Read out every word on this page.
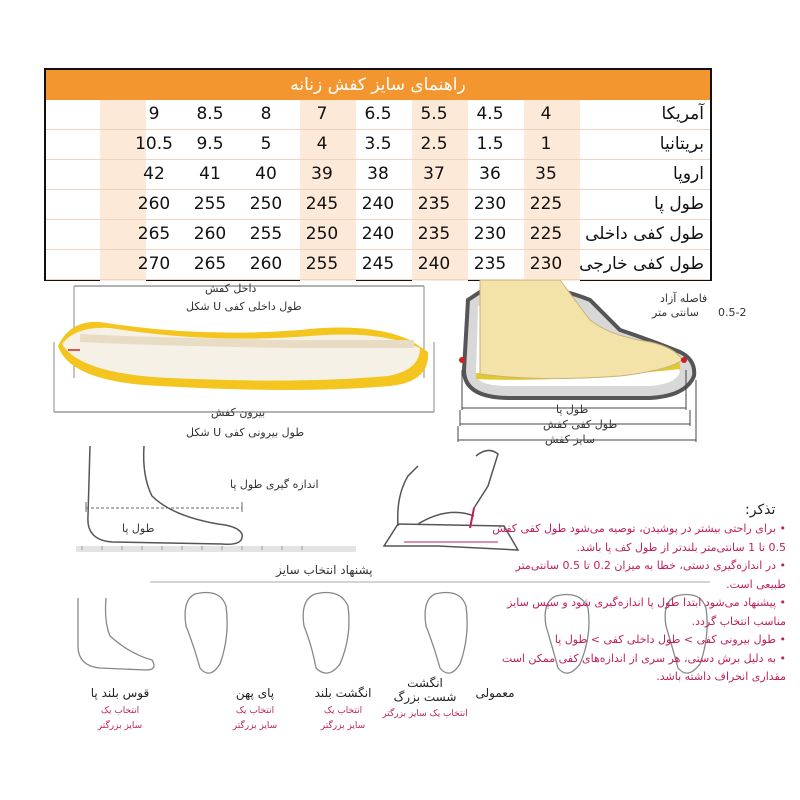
راهنمای سایز کفش زنانه
آمریکا
4
4.5
5.5
6.5
7
8
8.5
9
بریتانیا
1
1.5
2.5
3.5
4
5
9.5
10.5
اروپا
35
36
37
38
39
40
41
42
طول پا
225
230
235
240
245
250
255
260
طول کفی داخلی
225
230
235
240
250
255
260
265
طول کفی خارجی
230
235
240
245
255
260
265
270
داخل کفش
طول داخلی کفی U شکل
بیرون کفش
طول بیرونی کفی U شکل
فاصله آزاد
0.5-2
سانتی متر
طول پا
طول کفی کفش
سایز کفش
اندازه گیری طول پا
طول پا
پشنهاد انتخاب سایز
قوس بلند پا
انتخاب یک
سایز بزرگتر
پای پهن
انتخاب یک
سایز بزرگتر
انگشت بلند
انتخاب یک
سایز بزرگتر
انگشت
شست بزرگ
انتخاب یک سایز بزرگتر
معمولی
تذکر:
• برای راحتی بیشتر در پوشیدن، توصیه می‌شود طول کفی کفش 0.5 تا 1 سانتی‌متر بلندتر از طول کف پا باشد.
• در اندازه‌گیری دستی، خطا به میزان 0.2 تا 0.5 سانتی‌متر طبیعی است.
• پیشنهاد می‌شود ابتدا طول پا اندازه‌گیری شود و سپس سایز مناسب انتخاب گردد.
• طول بیرونی کفی > طول داخلی کفی > طول پا
• به دلیل برش دستی، هر سری از اندازه‌های کفی ممکن است مقداری انحراف داشته باشد.
